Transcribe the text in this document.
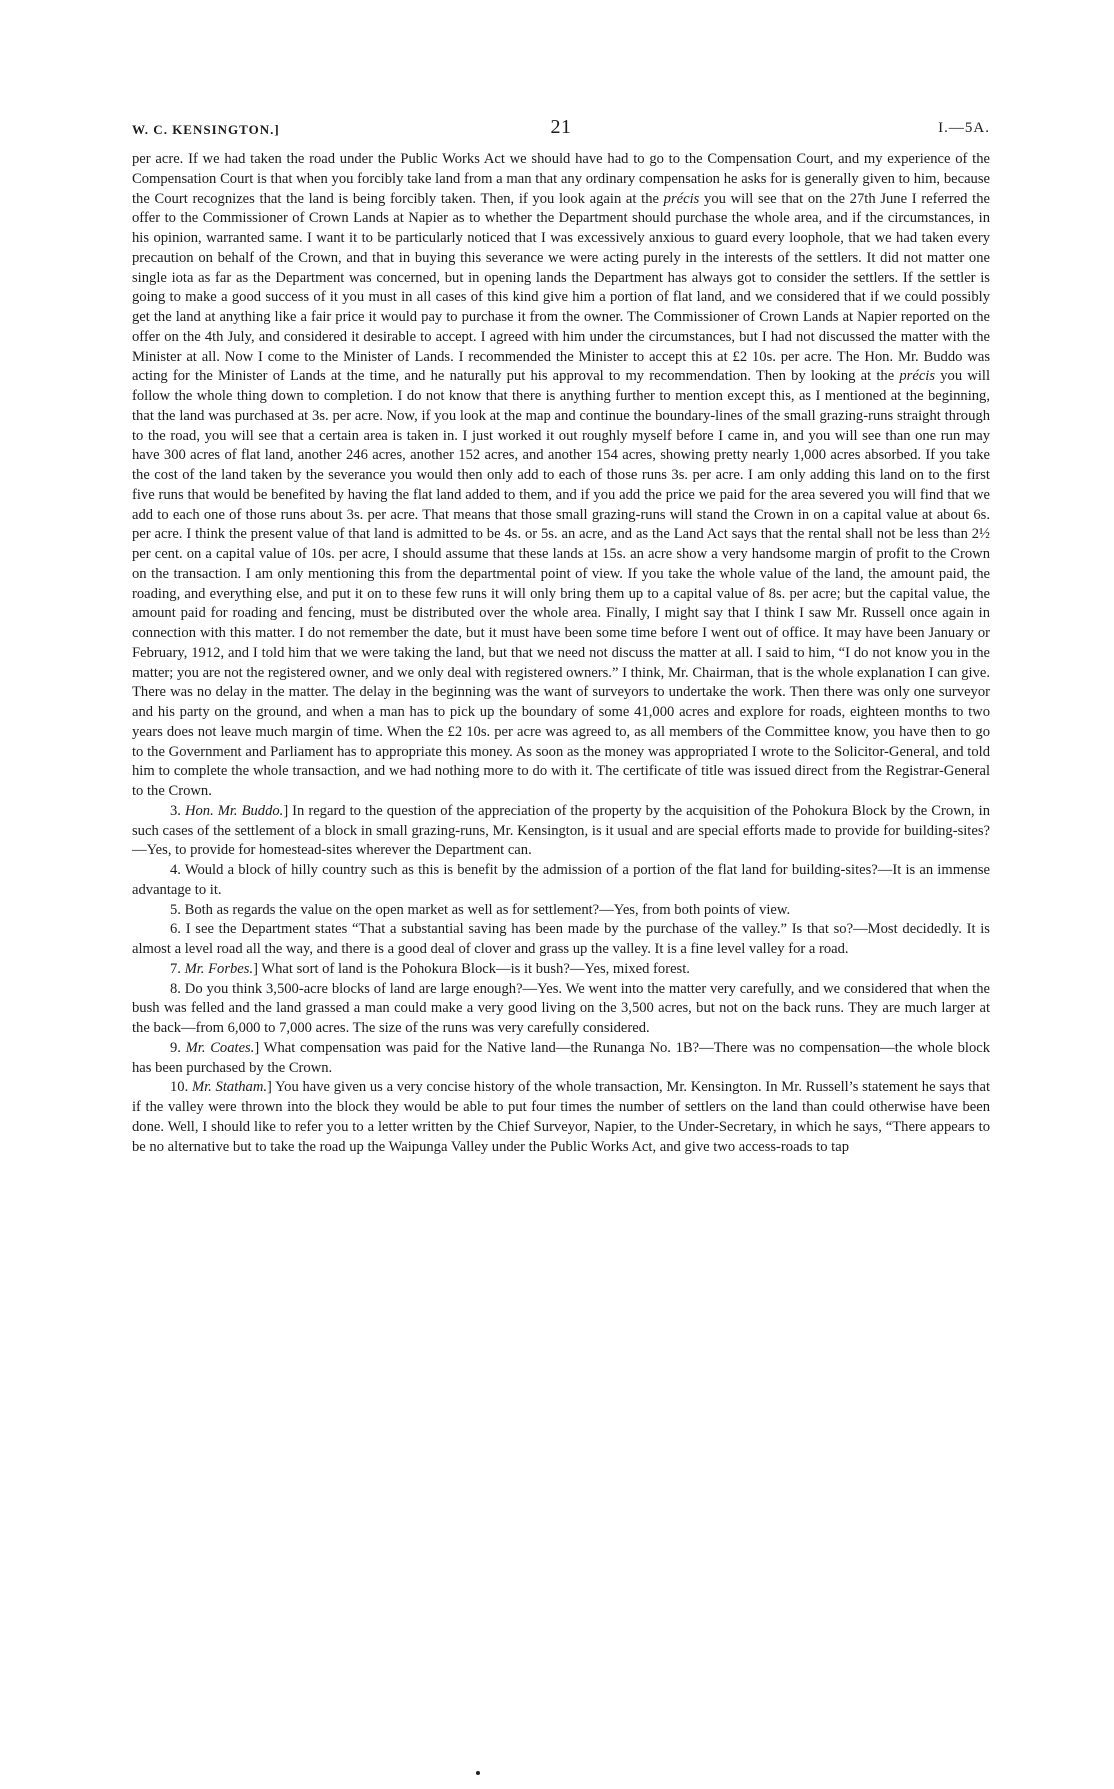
W. C. KENSINGTON.]	21	I.—5A.

per acre. If we had taken the road under the Public Works Act we should have had to go to the Compensation Court, and my experience of the Compensation Court is that when you forcibly take land from a man that any ordinary compensation he asks for is generally given to him, because the Court recognizes that the land is being forcibly taken. Then, if you look again at the précis you will see that on the 27th June I referred the offer to the Commissioner of Crown Lands at Napier as to whether the Department should purchase the whole area, and if the circumstances, in his opinion, warranted same. I want it to be particularly noticed that I was excessively anxious to guard every loophole, that we had taken every precaution on behalf of the Crown, and that in buying this severance we were acting purely in the interests of the settlers. It did not matter one single iota as far as the Department was concerned, but in opening lands the Department has always got to consider the settlers. If the settler is going to make a good success of it you must in all cases of this kind give him a portion of flat land, and we considered that if we could possibly get the land at anything like a fair price it would pay to purchase it from the owner. The Commissioner of Crown Lands at Napier reported on the offer on the 4th July, and considered it desirable to accept. I agreed with him under the circumstances, but I had not discussed the matter with the Minister at all. Now I come to the Minister of Lands. I recommended the Minister to accept this at £2 10s. per acre. The Hon. Mr. Buddo was acting for the Minister of Lands at the time, and he naturally put his approval to my recommendation. Then by looking at the précis you will follow the whole thing down to completion. I do not know that there is anything further to mention except this, as I mentioned at the beginning, that the land was purchased at 3s. per acre. Now, if you look at the map and continue the boundary-lines of the small grazing-runs straight through to the road, you will see that a certain area is taken in. I just worked it out roughly myself before I came in, and you will see than one run may have 300 acres of flat land, another 246 acres, another 152 acres, and another 154 acres, showing pretty nearly 1,000 acres absorbed. If you take the cost of the land taken by the severance you would then only add to each of those runs 3s. per acre. I am only adding this land on to the first five runs that would be benefited by having the flat land added to them, and if you add the price we paid for the area severed you will find that we add to each one of those runs about 3s. per acre. That means that those small grazing-runs will stand the Crown in on a capital value at about 6s. per acre. I think the present value of that land is admitted to be 4s. or 5s. an acre, and as the Land Act says that the rental shall not be less than 2½ per cent. on a capital value of 10s. per acre, I should assume that these lands at 15s. an acre show a very handsome margin of profit to the Crown on the transaction. I am only mentioning this from the departmental point of view. If you take the whole value of the land, the amount paid, the roading, and everything else, and put it on to these few runs it will only bring them up to a capital value of 8s. per acre; but the capital value, the amount paid for roading and fencing, must be distributed over the whole area. Finally, I might say that I think I saw Mr. Russell once again in connection with this matter. I do not remember the date, but it must have been some time before I went out of office. It may have been January or February, 1912, and I told him that we were taking the land, but that we need not discuss the matter at all. I said to him, “I do not know you in the matter; you are not the registered owner, and we only deal with registered owners.” I think, Mr. Chairman, that is the whole explanation I can give. There was no delay in the matter. The delay in the beginning was the want of surveyors to undertake the work. Then there was only one surveyor and his party on the ground, and when a man has to pick up the boundary of some 41,000 acres and explore for roads, eighteen months to two years does not leave much margin of time. When the £2 10s. per acre was agreed to, as all members of the Committee know, you have then to go to the Government and Parliament has to appropriate this money. As soon as the money was appropriated I wrote to the Solicitor-General, and told him to complete the whole transaction, and we had nothing more to do with it. The certificate of title was issued direct from the Registrar-General to the Crown.

3. Hon. Mr. Buddo.] In regard to the question of the appreciation of the property by the acquisition of the Pohokura Block by the Crown, in such cases of the settlement of a block in small grazing-runs, Mr. Kensington, is it usual and are special efforts made to provide for building-sites?—Yes, to provide for homestead-sites wherever the Department can.

4. Would a block of hilly country such as this is benefit by the admission of a portion of the flat land for building-sites?—It is an immense advantage to it.

5. Both as regards the value on the open market as well as for settlement?—Yes, from both points of view.

6. I see the Department states “That a substantial saving has been made by the purchase of the valley.” Is that so?—Most decidedly. It is almost a level road all the way, and there is a good deal of clover and grass up the valley. It is a fine level valley for a road.

7. Mr. Forbes.] What sort of land is the Pohokura Block—is it bush?—Yes, mixed forest.

8. Do you think 3,500-acre blocks of land are large enough?—Yes. We went into the matter very carefully, and we considered that when the bush was felled and the land grassed a man could make a very good living on the 3,500 acres, but not on the back runs. They are much larger at the back—from 6,000 to 7,000 acres. The size of the runs was very carefully considered.

9. Mr. Coates.] What compensation was paid for the Native land—the Runanga No. 1B?—There was no compensation—the whole block has been purchased by the Crown.

10. Mr. Statham.] You have given us a very concise history of the whole transaction, Mr. Kensington. In Mr. Russell’s statement he says that if the valley were thrown into the block they would be able to put four times the number of settlers on the land than could otherwise have been done. Well, I should like to refer you to a letter written by the Chief Surveyor, Napier, to the Under-Secretary, in which he says, “There appears to be no alternative but to take the road up the Waipunga Valley under the Public Works Act, and give two access-roads to tap
